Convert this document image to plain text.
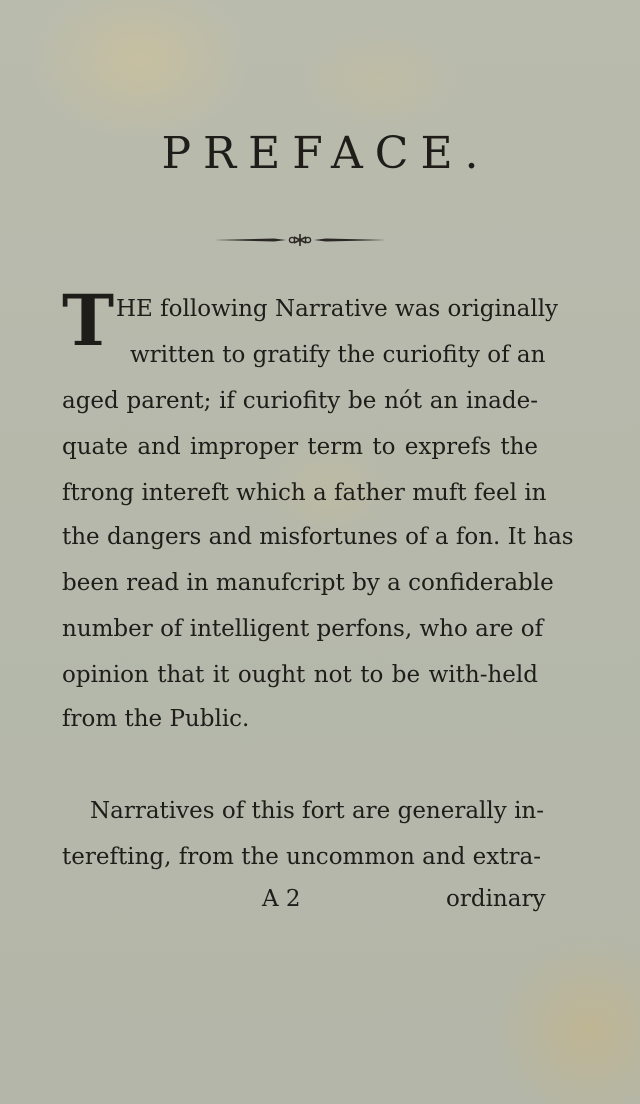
PREFACE.
T HE following Narrative was originally
written to gratify the curiofity of an
aged parent; if curiofity be nót an inade-
quate and improper term to exprefs the
ftrong intereft which a father muft feel in
the dangers and misfortunes of a fon. It has
been read in manufcript by a confiderable
number of intelligent perfons, who are of
opinion that it ought not to be with-held
from the Public.
Narratives of this fort are generally in-
terefting, from the uncommon and extra-
A 2	ordinary
